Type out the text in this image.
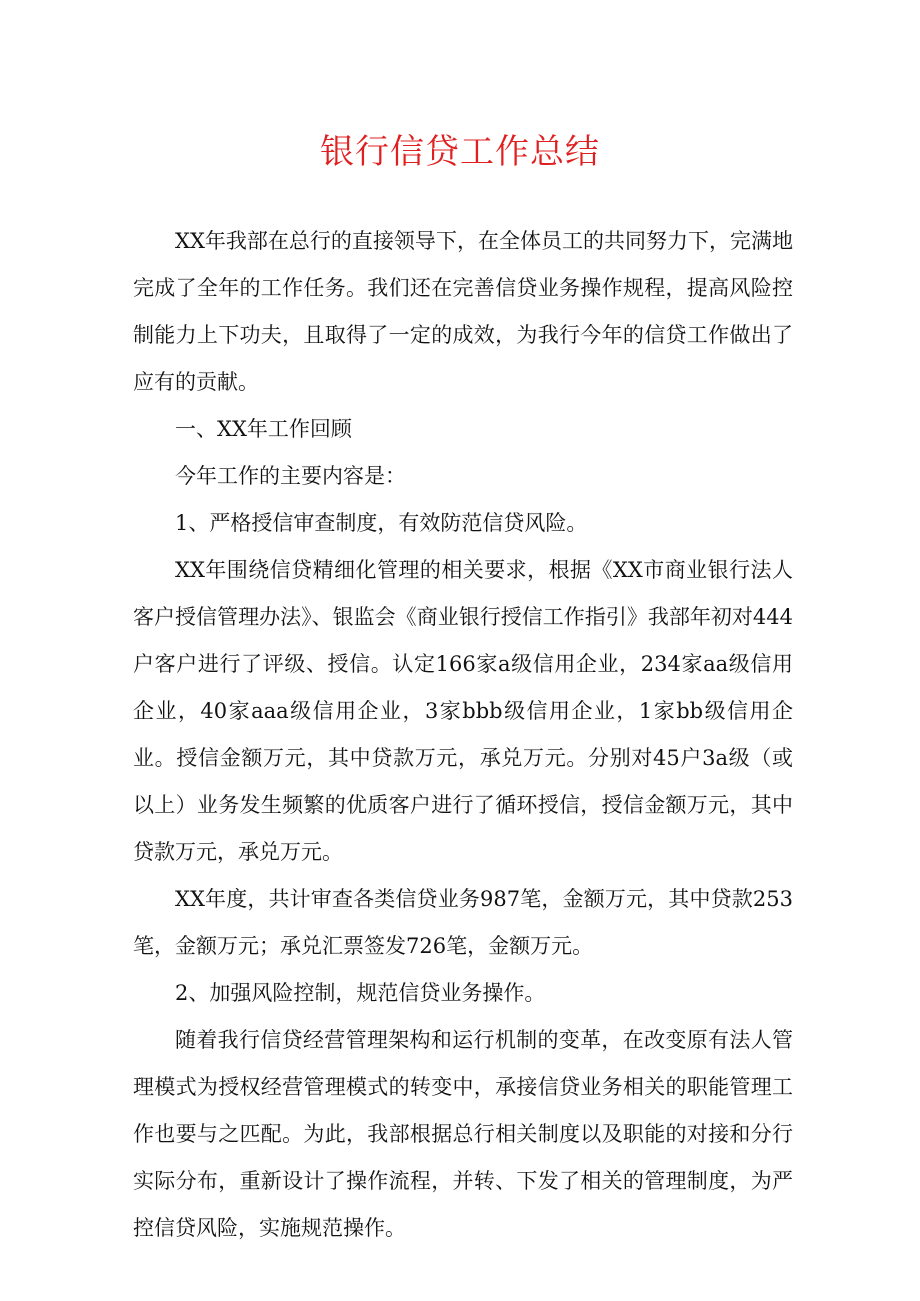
银行信贷工作总结

XX年我部在总行的直接领导下，在全体员工的共同努力下，完满地完成了全年的工作任务。我们还在完善信贷业务操作规程，提高风险控制能力上下功夫，且取得了一定的成效，为我行今年的信贷工作做出了应有的贡献。

一、XX年工作回顾

今年工作的主要内容是：

1、严格授信审查制度，有效防范信贷风险。

XX年围绕信贷精细化管理的相关要求，根据《XX市商业银行法人客户授信管理办法》、银监会《商业银行授信工作指引》我部年初对444户客户进行了评级、授信。认定166家a级信用企业，234家aa级信用企业，40家aaa级信用企业，3家bbb级信用企业，1家bb级信用企业。授信金额万元，其中贷款万元，承兑万元。分别对45户3a级（或以上）业务发生频繁的优质客户进行了循环授信，授信金额万元，其中贷款万元，承兑万元。

XX年度，共计审查各类信贷业务987笔，金额万元，其中贷款253笔，金额万元；承兑汇票签发726笔，金额万元。

2、加强风险控制，规范信贷业务操作。

随着我行信贷经营管理架构和运行机制的变革，在改变原有法人管理模式为授权经营管理模式的转变中，承接信贷业务相关的职能管理工作也要与之匹配。为此，我部根据总行相关制度以及职能的对接和分行实际分布，重新设计了操作流程，并转、下发了相关的管理制度，为严控信贷风险，实施规范操作。
